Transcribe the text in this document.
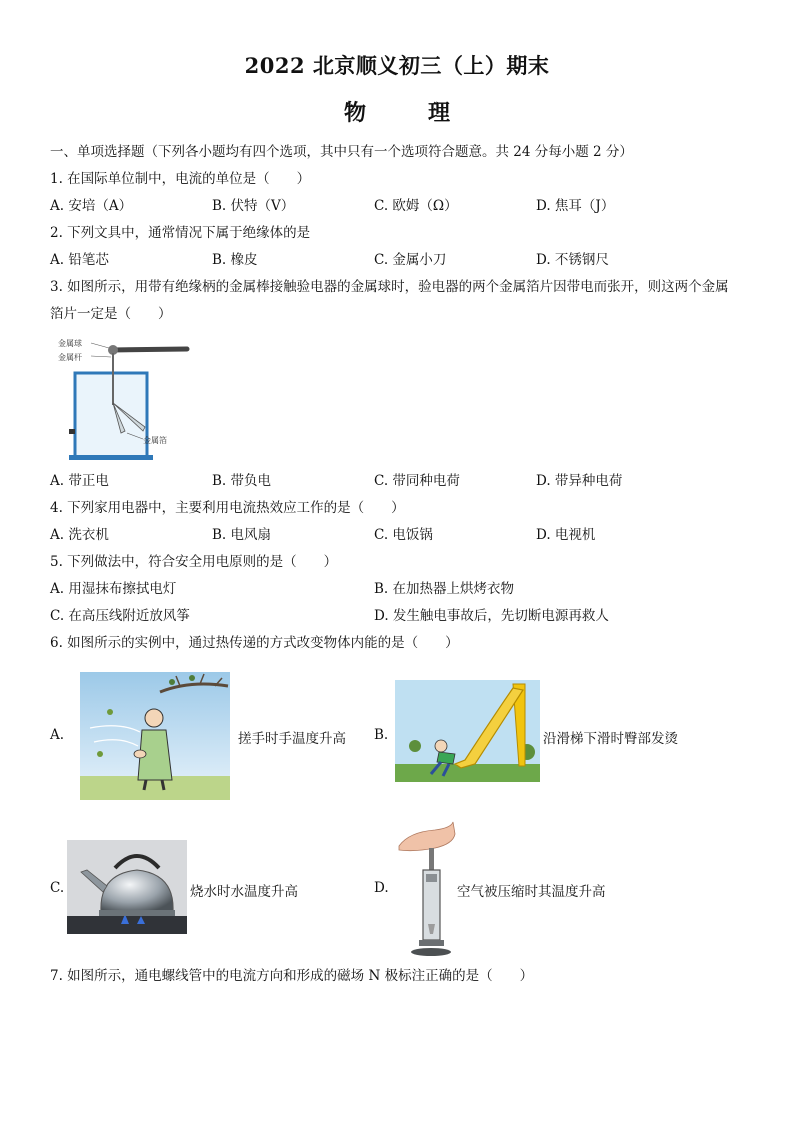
2022 北京顺义初三（上）期末
物	理
一、单项选择题（下列各小题均有四个选项，其中只有一个选项符合题意。共 24 分每小题 2 分）
1. 在国际单位制中，电流的单位是（　　）
A. 安培（A）	B. 伏特（V）	C. 欧姆（Ω）	D. 焦耳（J）
2. 下列文具中，通常情况下属于绝缘体的是
A. 铅笔芯	B. 橡皮	C. 金属小刀	D. 不锈钢尺
3. 如图所示，用带有绝缘柄的金属棒接触验电器的金属球时，验电器的两个金属箔片因带电而张开，则这两个金属
箔片一定是（　　）
金属球
金属杆
金属箔
A. 带正电	B. 带负电	C. 带同种电荷	D. 带异种电荷
4. 下列家用电器中，主要利用电流热效应工作的是（　　）
A. 洗衣机	B. 电风扇	C. 电饭锅	D. 电视机
5. 下列做法中，符合安全用电原则的是（　　）
A. 用湿抹布擦拭电灯	B. 在加热器上烘烤衣物
C. 在高压线附近放风筝	D. 发生触电事故后，先切断电源再救人
6. 如图所示的实例中，通过热传递的方式改变物体内能的是（　　）
A.	搓手时手温度升高 B.	沿滑梯下滑时臀部发烫
C.	烧水时水温度升高	D.	空气被压缩时其温度升高
7. 如图所示，通电螺线管中的电流方向和形成的磁场 N 极标注正确的是（　　）
